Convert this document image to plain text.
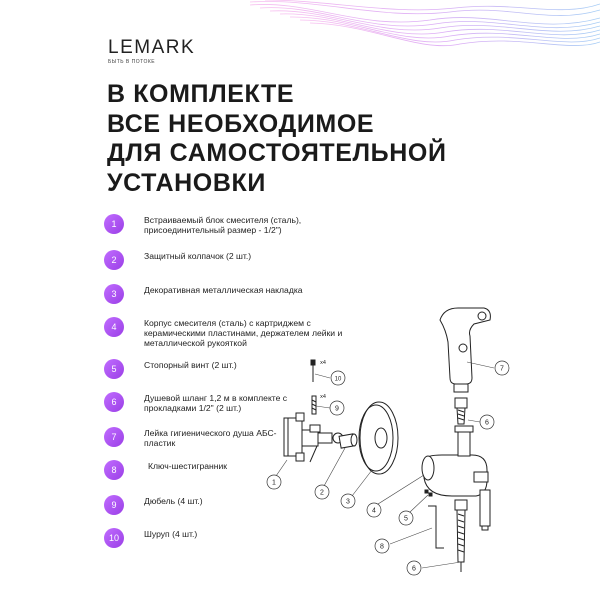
LEMARK
БЫТЬ В ПОТОКЕ
В КОМПЛЕКТЕ
ВСЕ НЕОБХОДИМОЕ
ДЛЯ САМОСТОЯТЕЛЬНОЙ
УСТАНОВКИ
1	Встраиваемый блок смесителя (сталь), присоединительный размер - 1/2")
2	Защитный колпачок (2 шт.)
3	Декоративная металлическая накладка
4	Корпус смесителя (сталь) с картриджем с керамическими пластинами, держателем лейки и металлической рукояткой
5	Стопорный винт (2 шт.)
6	Душевой шланг 1,2 м в комплекте с прокладками 1/2" (2 шт.)
7	Лейка гигиенического душа АБС-пластик
8	Ключ-шестигранник
9	Дюбель (4 шт.)
10	Шуруп (4 шт.)
1
2
3
4
5
6
7
8
9
10
6
x4
x4
